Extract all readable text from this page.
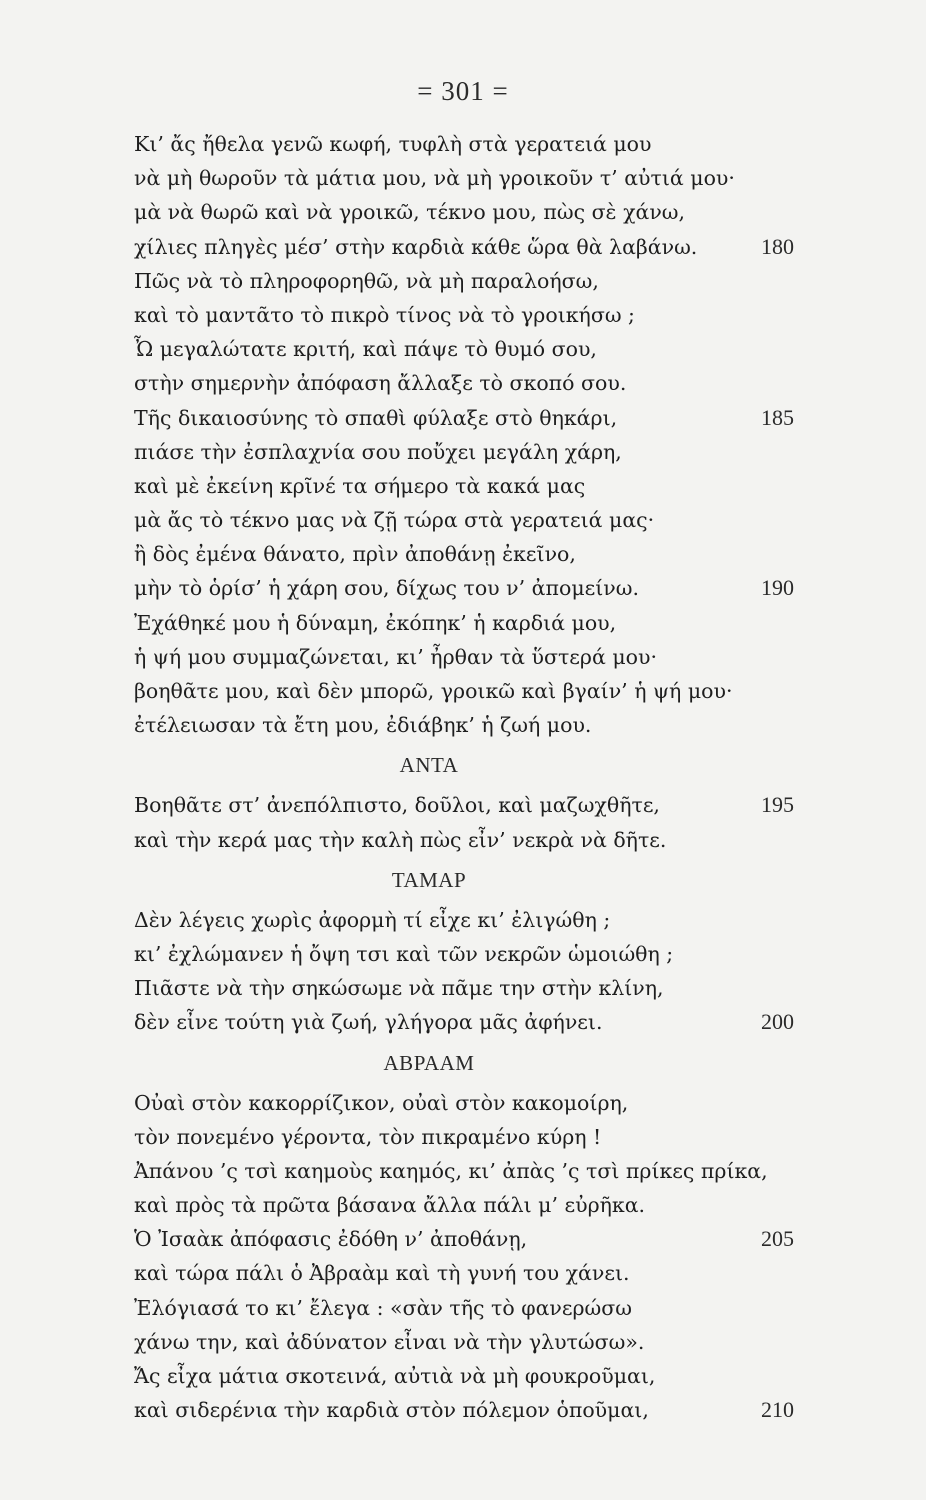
= 301 =
Κι’ ἄς ἤθελα γενῶ κωφή, τυφλὴ στὰ γερατειά μου
νὰ μὴ θωροῦν τὰ μάτια μου, νὰ μὴ γροικοῦν τ’ αὐτιά μου·
μὰ νὰ θωρῶ καὶ νὰ γροικῶ, τέκνο μου, πὼς σὲ χάνω,
χίλιες πληγὲς μέσ’ στὴν καρδιὰ κάθε ὥρα θὰ λαβάνω.	180
Πῶς νὰ τὸ πληροφορηθῶ, νὰ μὴ παραλοήσω,
καὶ τὸ μαντᾶτο τὸ πικρὸ τίνος νὰ τὸ γροικήσω ;
Ὦ μεγαλώτατε κριτή, καὶ πάψε τὸ θυμό σου,
στὴν σημερνὴν ἀπόφαση ἄλλαξε τὸ σκοπό σου.
Τῆς δικαιοσύνης τὸ σπαθὶ φύλαξε στὸ θηκάρι,	185
πιάσε τὴν ἐσπλαχνία σου ποὔχει μεγάλη χάρη,
καὶ μὲ ἐκείνη κρῖνέ τα σήμερο τὰ κακά μας
μὰ ἄς τὸ τέκνο μας νὰ ζῇ τώρα στὰ γερατειά μας·
ἢ δὸς ἐμένα θάνατο, πρὶν ἀποθάνῃ ἐκεῖνο,
μὴν τὸ ὁρίσ’ ἡ χάρη σου, δίχως του ν’ ἀπομείνω.	190
Ἐχάθηκέ μου ἡ δύναμη, ἐκόπηκ’ ἡ καρδιά μου,
ἡ ψή μου συμμαζώνεται, κι’ ἦρθαν τὰ ὕστερά μου·
βοηθᾶτε μου, καὶ δὲν μπορῶ, γροικῶ καὶ βγαίν’ ἡ ψή μου·
ἐτέλειωσαν τὰ ἔτη μου, ἐδιάβηκ’ ἡ ζωή μου.
ΑΝΤΑ
Βοηθᾶτε στ’ ἀνεπόλπιστο, δοῦλοι, καὶ μαζωχθῆτε,	195
καὶ τὴν κερά μας τὴν καλὴ πὼς εἶν’ νεκρὰ νὰ δῆτε.
ΤΑΜΑΡ
Δὲν λέγεις χωρὶς ἀφορμὴ τί εἶχε κι’ ἐλιγώθη ;
κι’ ἐχλώμανεν ἡ ὄψη τσι καὶ τῶν νεκρῶν ὡμοιώθη ;
Πιᾶστε νὰ τὴν σηκώσωμε νὰ πᾶμε την στὴν κλίνη,
δὲν εἶνε τούτη γιὰ ζωή, γλήγορα μᾶς ἀφήνει.	200
ΑΒΡΑΑΜ
Οὐαὶ στὸν κακορρίζικον, οὐαὶ στὸν κακομοίρη,
τὸν πονεμένο γέροντα, τὸν πικραμένο κύρη !
Ἀπάνου ’ς τσὶ καημοὺς καημός, κι’ ἀπὰς ’ς τσὶ πρίκες πρίκα,
καὶ πρὸς τὰ πρῶτα βάσανα ἄλλα πάλι μ’ εὐρῆκα.
Ὁ Ἰσαὰκ ἀπόφασις ἐδόθη ν’ ἀποθάνῃ,	205
καὶ τώρα πάλι ὁ Ἀβραὰμ καὶ τὴ γυνή του χάνει.
Ἐλόγιασά το κι’ ἔλεγα : «σὰν τῆς τὸ φανερώσω
χάνω την, καὶ ἀδύνατον εἶναι νὰ τὴν γλυτώσω».
Ἄς εἶχα μάτια σκοτεινά, αὐτιὰ νὰ μὴ φουκροῦμαι,
καὶ σιδερένια τὴν καρδιὰ στὸν πόλεμον ὁποῦμαι,	210
